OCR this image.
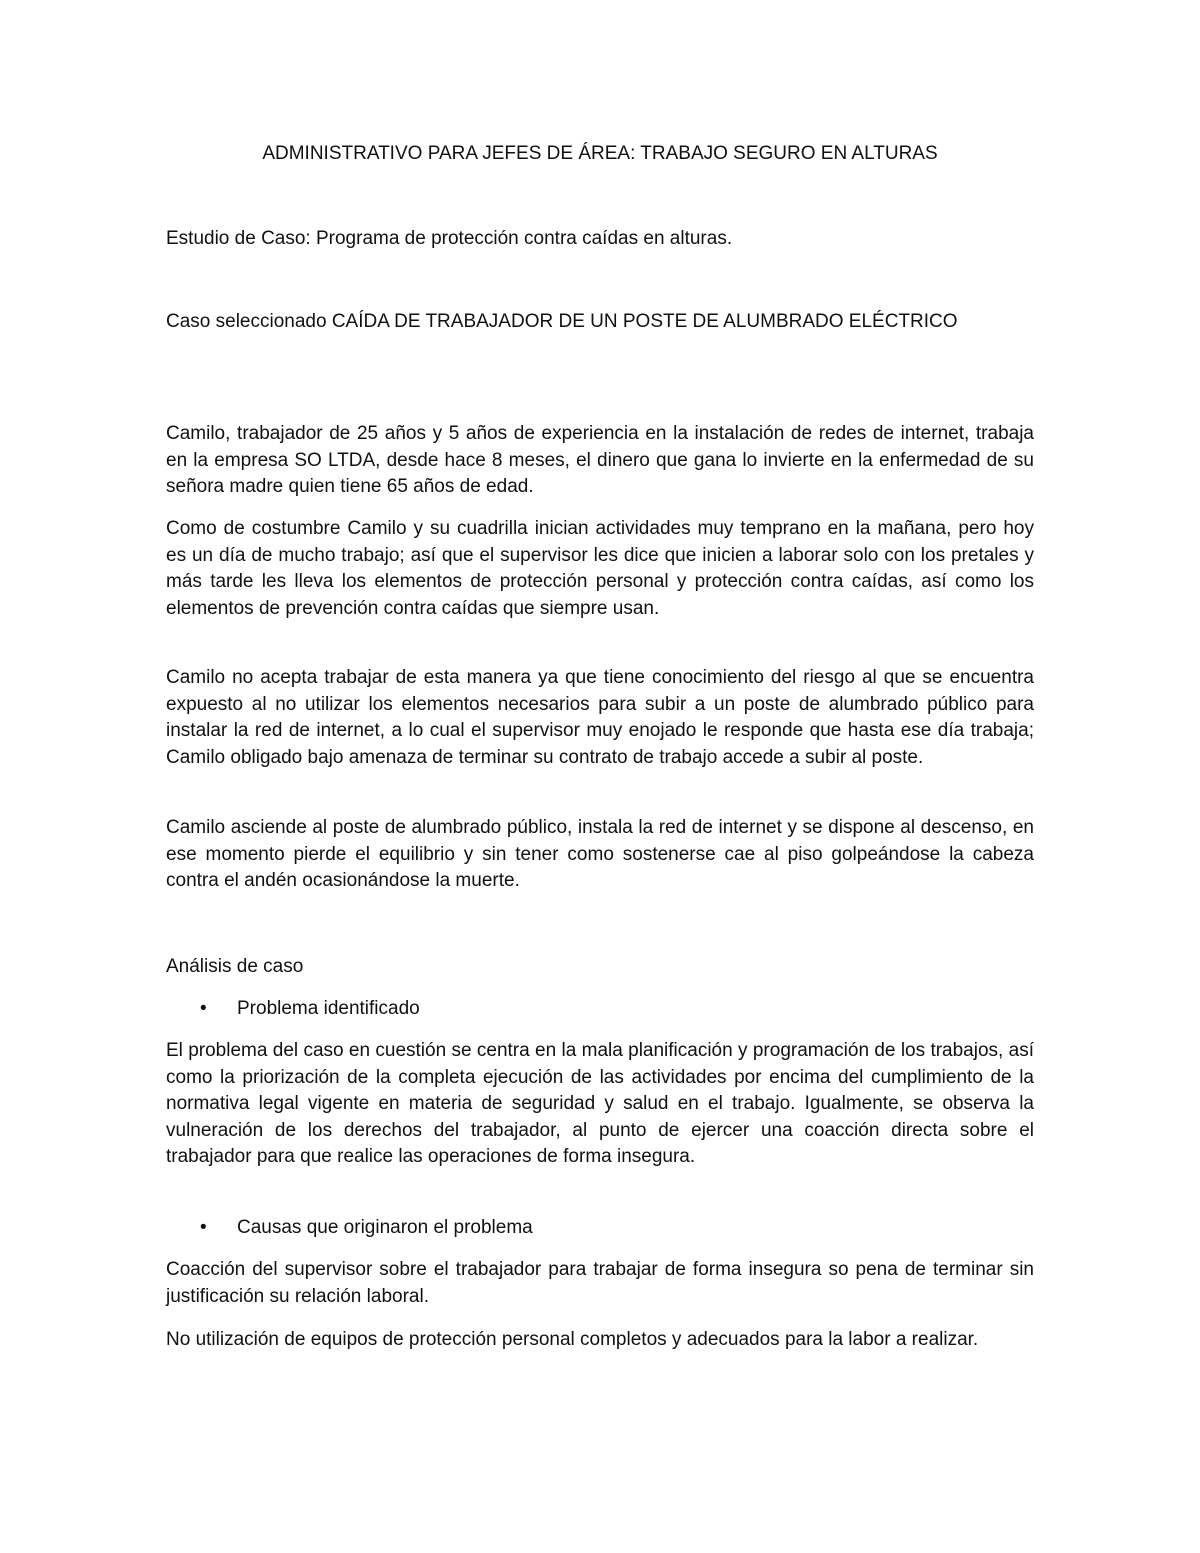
ADMINISTRATIVO PARA JEFES DE ÁREA: TRABAJO SEGURO EN ALTURAS

Estudio de Caso: Programa de protección contra caídas en alturas.

Caso seleccionado CAÍDA DE TRABAJADOR DE UN POSTE DE ALUMBRADO ELÉCTRICO

Camilo, trabajador de 25 años y 5 años de experiencia en la instalación de redes de internet, trabaja en la empresa SO LTDA, desde hace 8 meses, el dinero que gana lo invierte en la enfermedad de su señora madre quien tiene 65 años de edad.

Como de costumbre Camilo y su cuadrilla inician actividades muy temprano en la mañana, pero hoy es un día de mucho trabajo; así que el supervisor les dice que inicien a laborar solo con los pretales y más tarde les lleva los elementos de protección personal y protección contra caídas, así como los elementos de prevención contra caídas que siempre usan.

Camilo no acepta trabajar de esta manera ya que tiene conocimiento del riesgo al que se encuentra expuesto al no utilizar los elementos necesarios para subir a un poste de alumbrado público para instalar la red de internet, a lo cual el supervisor muy enojado le responde que hasta ese día trabaja; Camilo obligado bajo amenaza de terminar su contrato de trabajo accede a subir al poste.

Camilo asciende al poste de alumbrado público, instala la red de internet y se dispone al descenso, en ese momento pierde el equilibrio y sin tener como sostenerse cae al piso golpeándose la cabeza contra el andén ocasionándose la muerte.

Análisis de caso

• Problema identificado

El problema del caso en cuestión se centra en la mala planificación y programación de los trabajos, así como la priorización de la completa ejecución de las actividades por encima del cumplimiento de la normativa legal vigente en materia de seguridad y salud en el trabajo. Igualmente, se observa la vulneración de los derechos del trabajador, al punto de ejercer una coacción directa sobre el trabajador para que realice las operaciones de forma insegura.

• Causas que originaron el problema

Coacción del supervisor sobre el trabajador para trabajar de forma insegura so pena de terminar sin justificación su relación laboral.

No utilización de equipos de protección personal completos y adecuados para la labor a realizar.
